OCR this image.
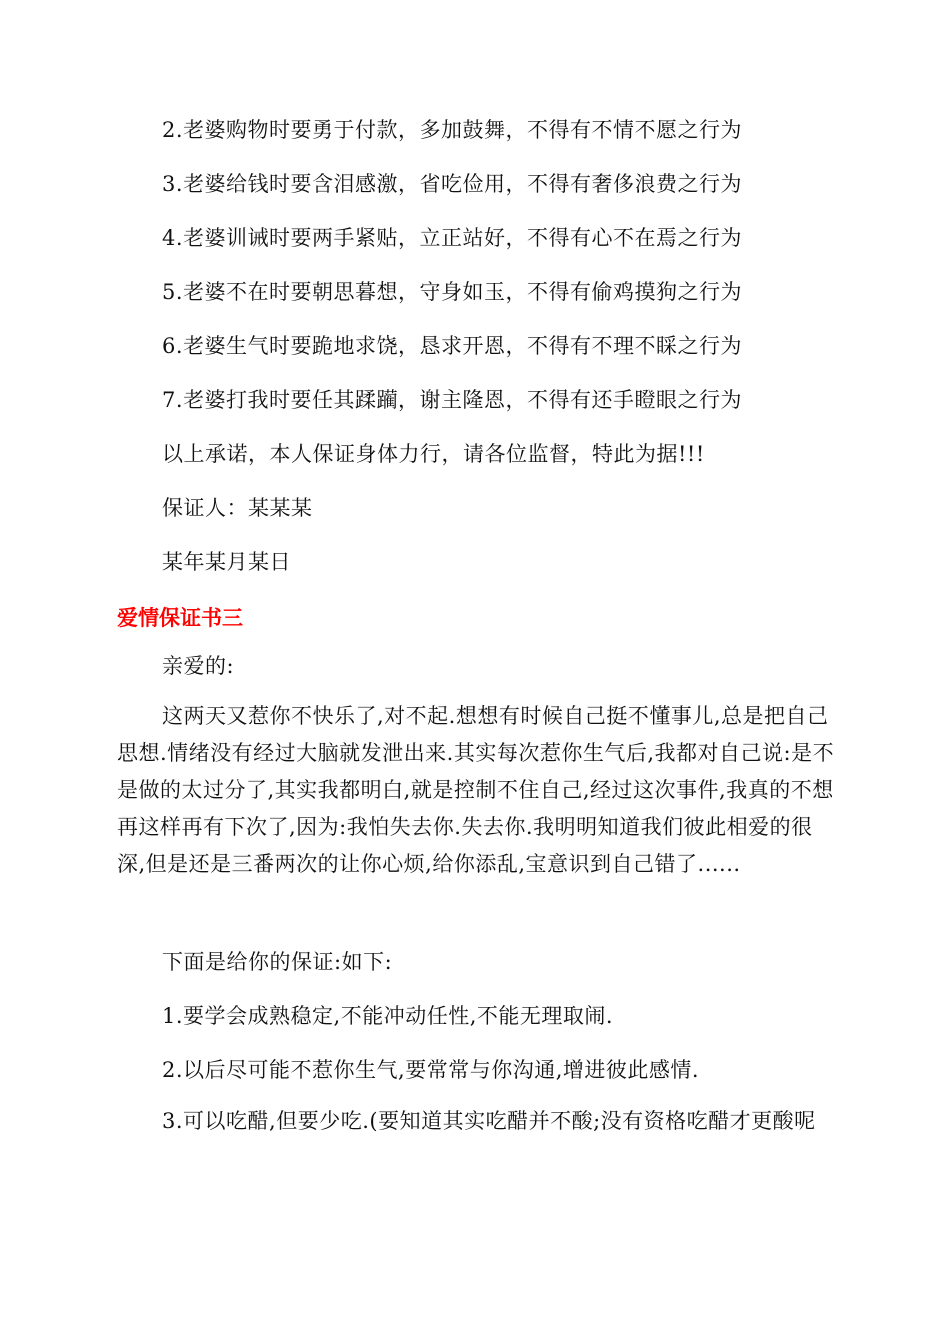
2.老婆购物时要勇于付款，多加鼓舞，不得有不情不愿之行为
3.老婆给钱时要含泪感激，省吃俭用，不得有奢侈浪费之行为
4.老婆训诫时要两手紧贴，立正站好，不得有心不在焉之行为
5.老婆不在时要朝思暮想，守身如玉，不得有偷鸡摸狗之行为
6.老婆生气时要跪地求饶，恳求开恩，不得有不理不睬之行为
7.老婆打我时要任其蹂躏，谢主隆恩，不得有还手瞪眼之行为
以上承诺，本人保证身体力行，请各位监督，特此为据!!!
保证人：某某某
某年某月某日
爱情保证书三
亲爱的:
这两天又惹你不快乐了,对不起.想想有时候自己挺不懂事儿,总是把自己思想.情绪没有经过大脑就发泄出来.其实每次惹你生气后,我都对自己说:是不是做的太过分了,其实我都明白,就是控制不住自己,经过这次事件,我真的不想再这样再有下次了,因为:我怕失去你.失去你.我明明知道我们彼此相爱的很深,但是还是三番两次的让你心烦,给你添乱,宝意识到自己错了......
下面是给你的保证:如下:
1.要学会成熟稳定,不能冲动任性,不能无理取闹.
2.以后尽可能不惹你生气,要常常与你沟通,增进彼此感情.
3.可以吃醋,但要少吃.(要知道其实吃醋并不酸;没有资格吃醋才更酸呢
